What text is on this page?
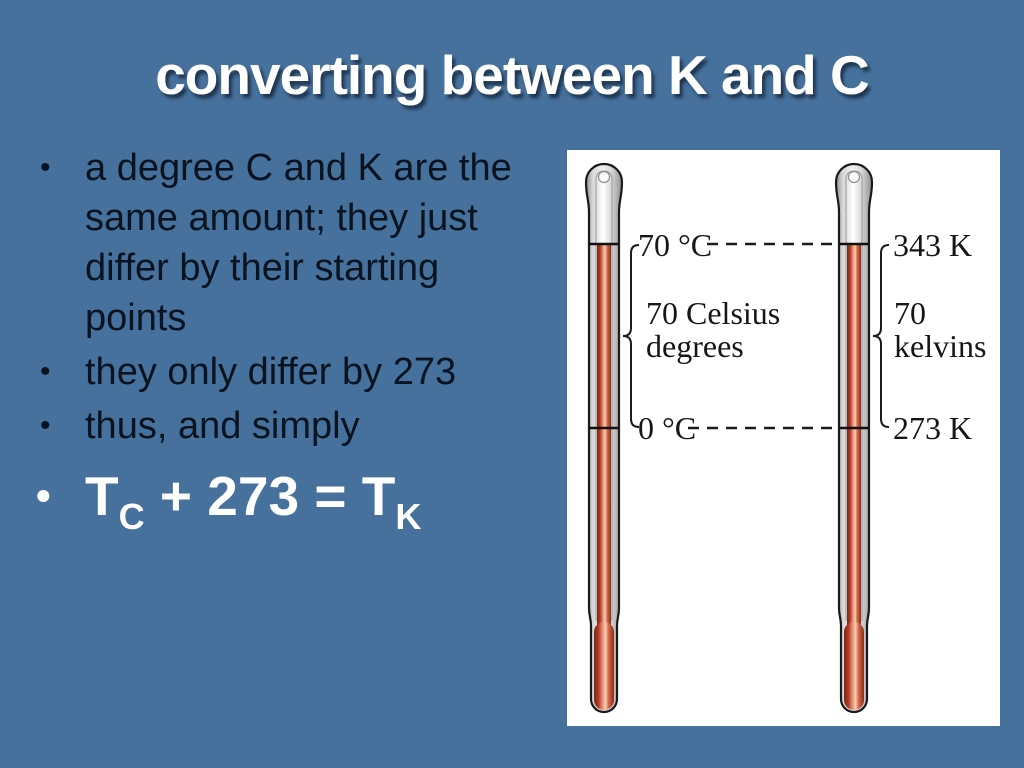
converting between K and C
• a degree C and K are the
same amount; they just
differ by their starting
points
• they only differ by 273
• thus, and simply
• $T_C + 273 = T_K$
70 °C	343 K
70 Celsius
degrees
70
kelvins
0 °C	273 K
